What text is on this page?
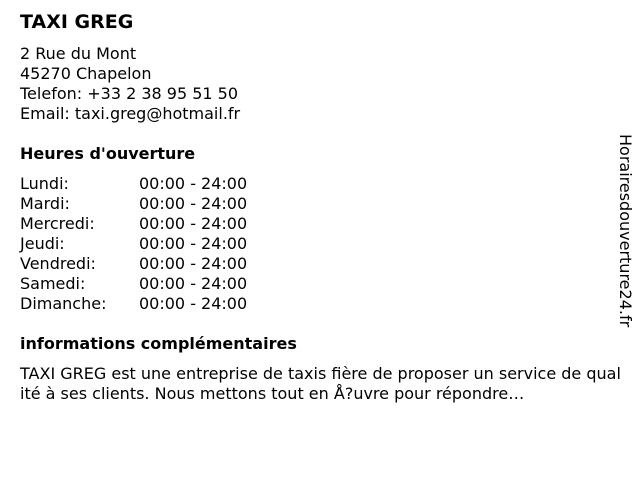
TAXI GREG
2 Rue du Mont
45270 Chapelon
Telefon: +33 2 38 95 51 50
Email: taxi.greg@hotmail.fr
Heures d'ouverture
Lundi:	00:00 - 24:00
Mardi:	00:00 - 24:00
Mercredi:	00:00 - 24:00
Jeudi:	00:00 - 24:00
Vendredi:	00:00 - 24:00
Samedi:	00:00 - 24:00
Dimanche: 00:00 - 24:00
informations complémentaires
TAXI GREG est une entreprise de taxis fière de proposer un service de qualité à ses clients. Nous mettons tout en Å?uvre pour répondre…
Horairesdouverture24.fr
